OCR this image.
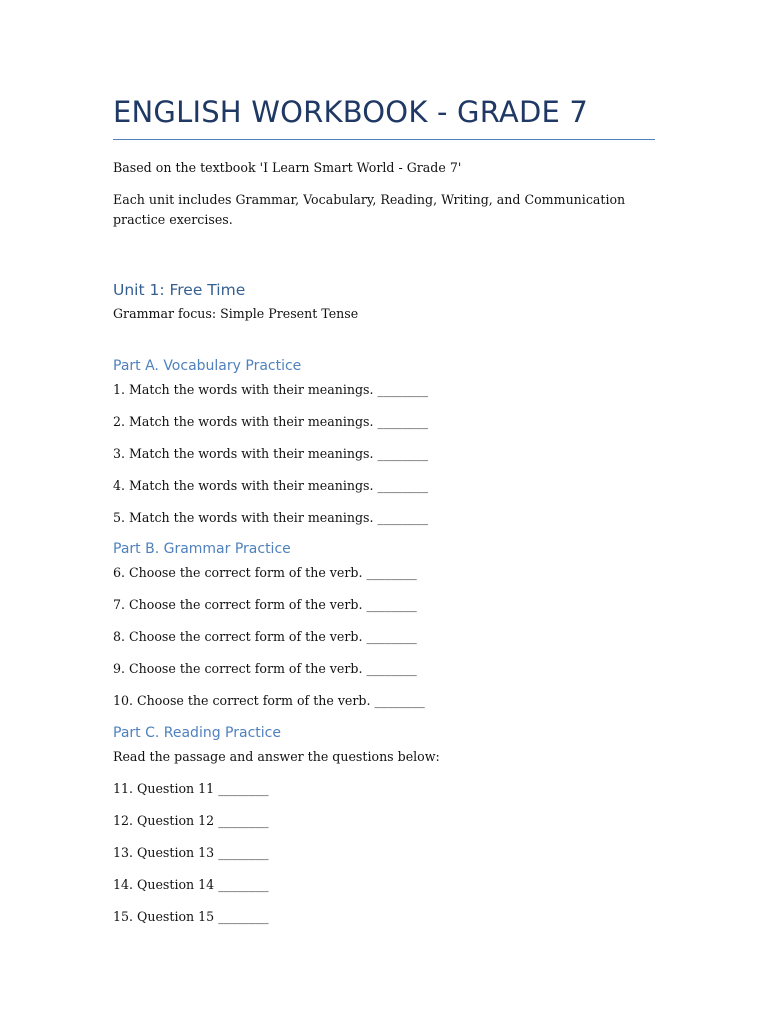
ENGLISH WORKBOOK - GRADE 7
Based on the textbook 'I Learn Smart World - Grade 7'
Each unit includes Grammar, Vocabulary, Reading, Writing, and Communication practice exercises.
Unit 1: Free Time
Grammar focus: Simple Present Tense
Part A. Vocabulary Practice
1. Match the words with their meanings. ________
2. Match the words with their meanings. ________
3. Match the words with their meanings. ________
4. Match the words with their meanings. ________
5. Match the words with their meanings. ________
Part B. Grammar Practice
6. Choose the correct form of the verb. ________
7. Choose the correct form of the verb. ________
8. Choose the correct form of the verb. ________
9. Choose the correct form of the verb. ________
10. Choose the correct form of the verb. ________
Part C. Reading Practice
Read the passage and answer the questions below:
11. Question 11 ________
12. Question 12 ________
13. Question 13 ________
14. Question 14 ________
15. Question 15 ________
